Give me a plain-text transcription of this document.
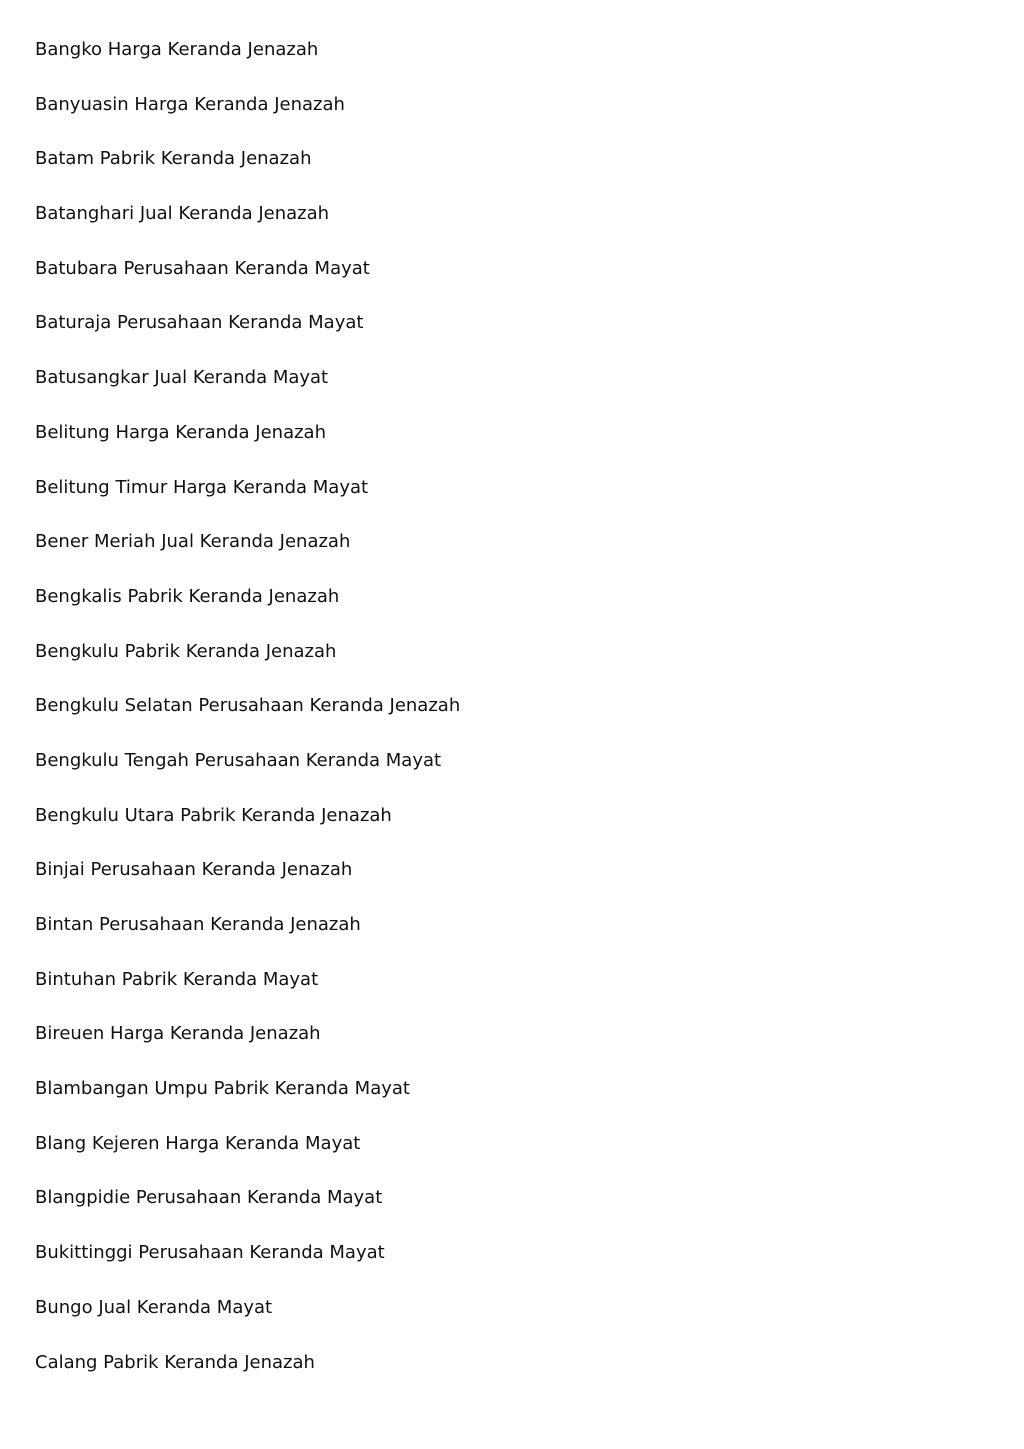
Bangko Harga Keranda Jenazah
Banyuasin Harga Keranda Jenazah
Batam Pabrik Keranda Jenazah
Batanghari Jual Keranda Jenazah
Batubara Perusahaan Keranda Mayat
Baturaja Perusahaan Keranda Mayat
Batusangkar Jual Keranda Mayat
Belitung Harga Keranda Jenazah
Belitung Timur Harga Keranda Mayat
Bener Meriah Jual Keranda Jenazah
Bengkalis Pabrik Keranda Jenazah
Bengkulu Pabrik Keranda Jenazah
Bengkulu Selatan Perusahaan Keranda Jenazah
Bengkulu Tengah Perusahaan Keranda Mayat
Bengkulu Utara Pabrik Keranda Jenazah
Binjai Perusahaan Keranda Jenazah
Bintan Perusahaan Keranda Jenazah
Bintuhan Pabrik Keranda Mayat
Bireuen Harga Keranda Jenazah
Blambangan Umpu Pabrik Keranda Mayat
Blang Kejeren Harga Keranda Mayat
Blangpidie Perusahaan Keranda Mayat
Bukittinggi Perusahaan Keranda Mayat
Bungo Jual Keranda Mayat
Calang Pabrik Keranda Jenazah
